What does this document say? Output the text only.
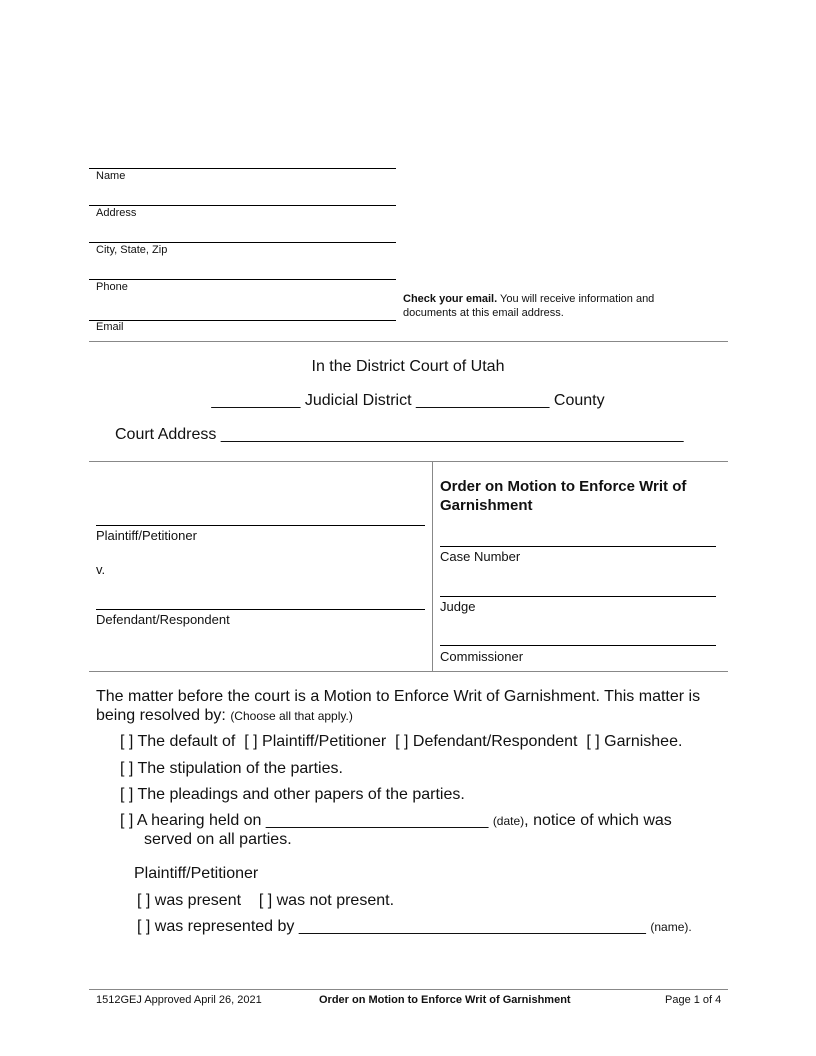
Name
Address
City, State, Zip
Phone
Email
Check your email. You will receive information and
documents at this email address.
In the District Court of Utah
__________ Judicial District _______________ County
Court Address ____________________________________________________
Plaintiff/Petitioner
v.
Defendant/Respondent
Order on Motion to Enforce Writ of Garnishment
Case Number
Judge
Commissioner
The matter before the court is a Motion to Enforce Writ of Garnishment. This matter is
being resolved by: (Choose all that apply.)
[ ] The default of [ ] Plaintiff/Petitioner [ ] Defendant/Respondent [ ] Garnishee.
[ ] The stipulation of the parties.
[ ] The pleadings and other papers of the parties.
[ ] A hearing held on _________________________ (date), notice of which was
served on all parties.
Plaintiff/Petitioner
[ ] was present [ ] was not present.
[ ] was represented by _______________________________________ (name).
1512GEJ Approved April 26, 2021	Order on Motion to Enforce Writ of Garnishment	Page 1 of 4
